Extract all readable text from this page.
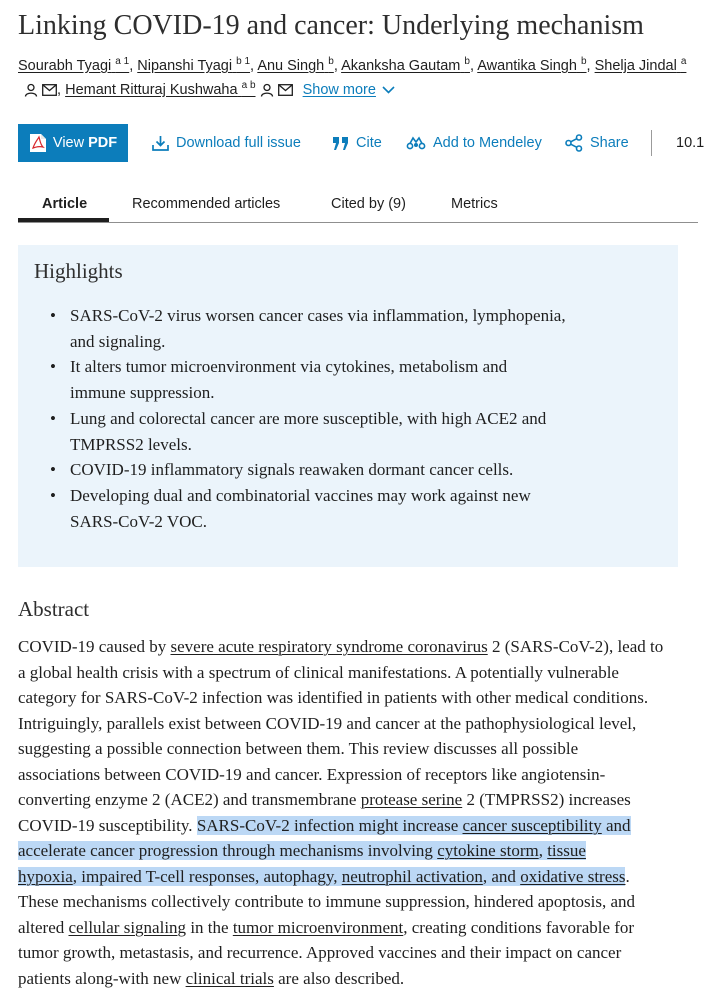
Linking COVID-19 and cancer: Underlying mechanism
Sourabh Tyagi $^{a 1}$, Nipanshi Tyagi $^{b 1}$, Anu Singh $^b$, Akanksha Gautam $^b$, Awantika Singh $^b$, Shelja Jindal $^a$
, Hemant Ritturaj Kushwaha $^{a b}$	Show more
View PDF	Download full issue	Cite	Add to Mendeley	Share	10.1
Article	Recommended articles	Cited by (9)	Metrics
Highlights
• SARS-CoV-2 virus worsen cancer cases via inflammation, lymphopenia,
and signaling.
• It alters tumor microenvironment via cytokines, metabolism and
immune suppression.
• Lung and colorectal cancer are more susceptible, with high ACE2 and
TMPRSS2 levels.
• COVID-19 inflammatory signals reawaken dormant cancer cells.
• Developing dual and combinatorial vaccines may work against new
SARS-CoV-2 VOC.
Abstract
COVID-19 caused by severe acute respiratory syndrome coronavirus 2 (SARS-CoV-2), lead to
a global health crisis with a spectrum of clinical manifestations. A potentially vulnerable
category for SARS-CoV-2 infection was identified in patients with other medical conditions.
Intriguingly, parallels exist between COVID-19 and cancer at the pathophysiological level,
suggesting a possible connection between them. This review discusses all possible
associations between COVID-19 and cancer. Expression of receptors like angiotensin-
converting enzyme 2 (ACE2) and transmembrane protease serine 2 (TMPRSS2) increases
COVID-19 susceptibility. SARS-CoV-2 infection might increase cancer susceptibility and
accelerate cancer progression through mechanisms involving cytokine storm, tissue
hypoxia, impaired T-cell responses, autophagy, neutrophil activation, and oxidative stress.
These mechanisms collectively contribute to immune suppression, hindered apoptosis, and
altered cellular signaling in the tumor microenvironment, creating conditions favorable for
tumor growth, metastasis, and recurrence. Approved vaccines and their impact on cancer
patients along-with new clinical trials are also described.
